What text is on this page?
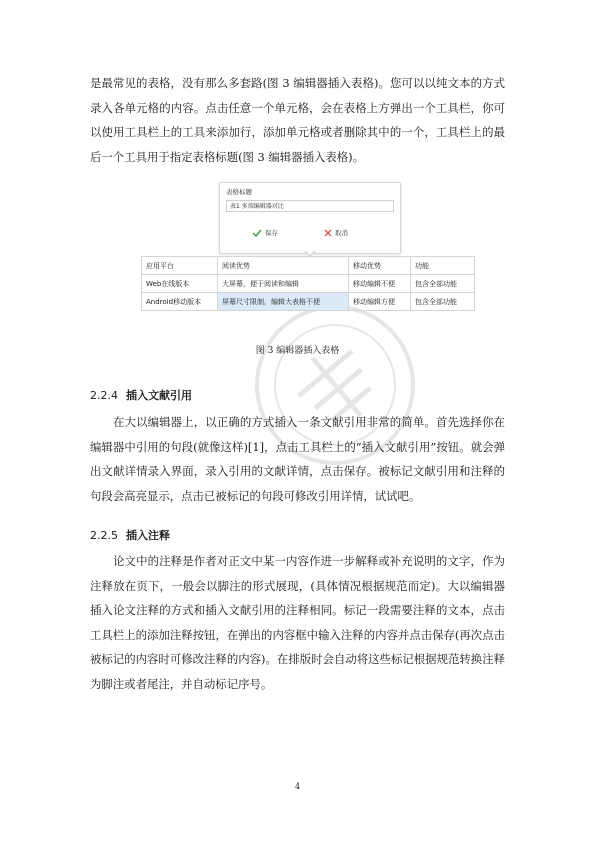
是最常见的表格，没有那么多套路(图 3 编辑器插入表格)。您可以以纯文本的方式录入各单元格的内容。点击任意一个单元格，会在表格上方弹出一个工具栏，你可以使用工具栏上的工具来添加行，添加单元格或者删除其中的一个，工具栏上的最后一个工具用于指定表格标题(图 3 编辑器插入表格)。

表格标题
表1 多端编辑器对比
保存	取消
应用平台	阅读优势	移动优势	功能
Web在线版本	大屏幕，便于阅读和编辑	移动编辑不便	包含全部功能
Android移动版本	屏幕尺寸限制，编辑大表格不便	移动编辑方便	包含全部功能

图 3 编辑器插入表格

2.2.4 插入文献引用

在大以编辑器上，以正确的方式插入一条文献引用非常的简单。首先选择你在编辑器中引用的句段(就像这样)[1]，点击工具栏上的“插入文献引用”按钮。就会弹出文献详情录入界面，录入引用的文献详情，点击保存。被标记文献引用和注释的句段会高亮显示，点击已被标记的句段可修改引用详情，试试吧。

2.2.5 插入注释

论文中的注释是作者对正文中某一内容作进一步解释或补充说明的文字，作为注释放在页下，一般会以脚注的形式展现，(具体情况根据规范而定)。大以编辑器插入论文注释的方式和插入文献引用的注释相同。标记一段需要注释的文本，点击工具栏上的添加注释按钮，在弹出的内容框中输入注释的内容并点击保存(再次点击被标记的内容时可修改注释的内容)。在排版时会自动将这些标记根据规范转换注释为脚注或者尾注，并自动标记序号。

4
